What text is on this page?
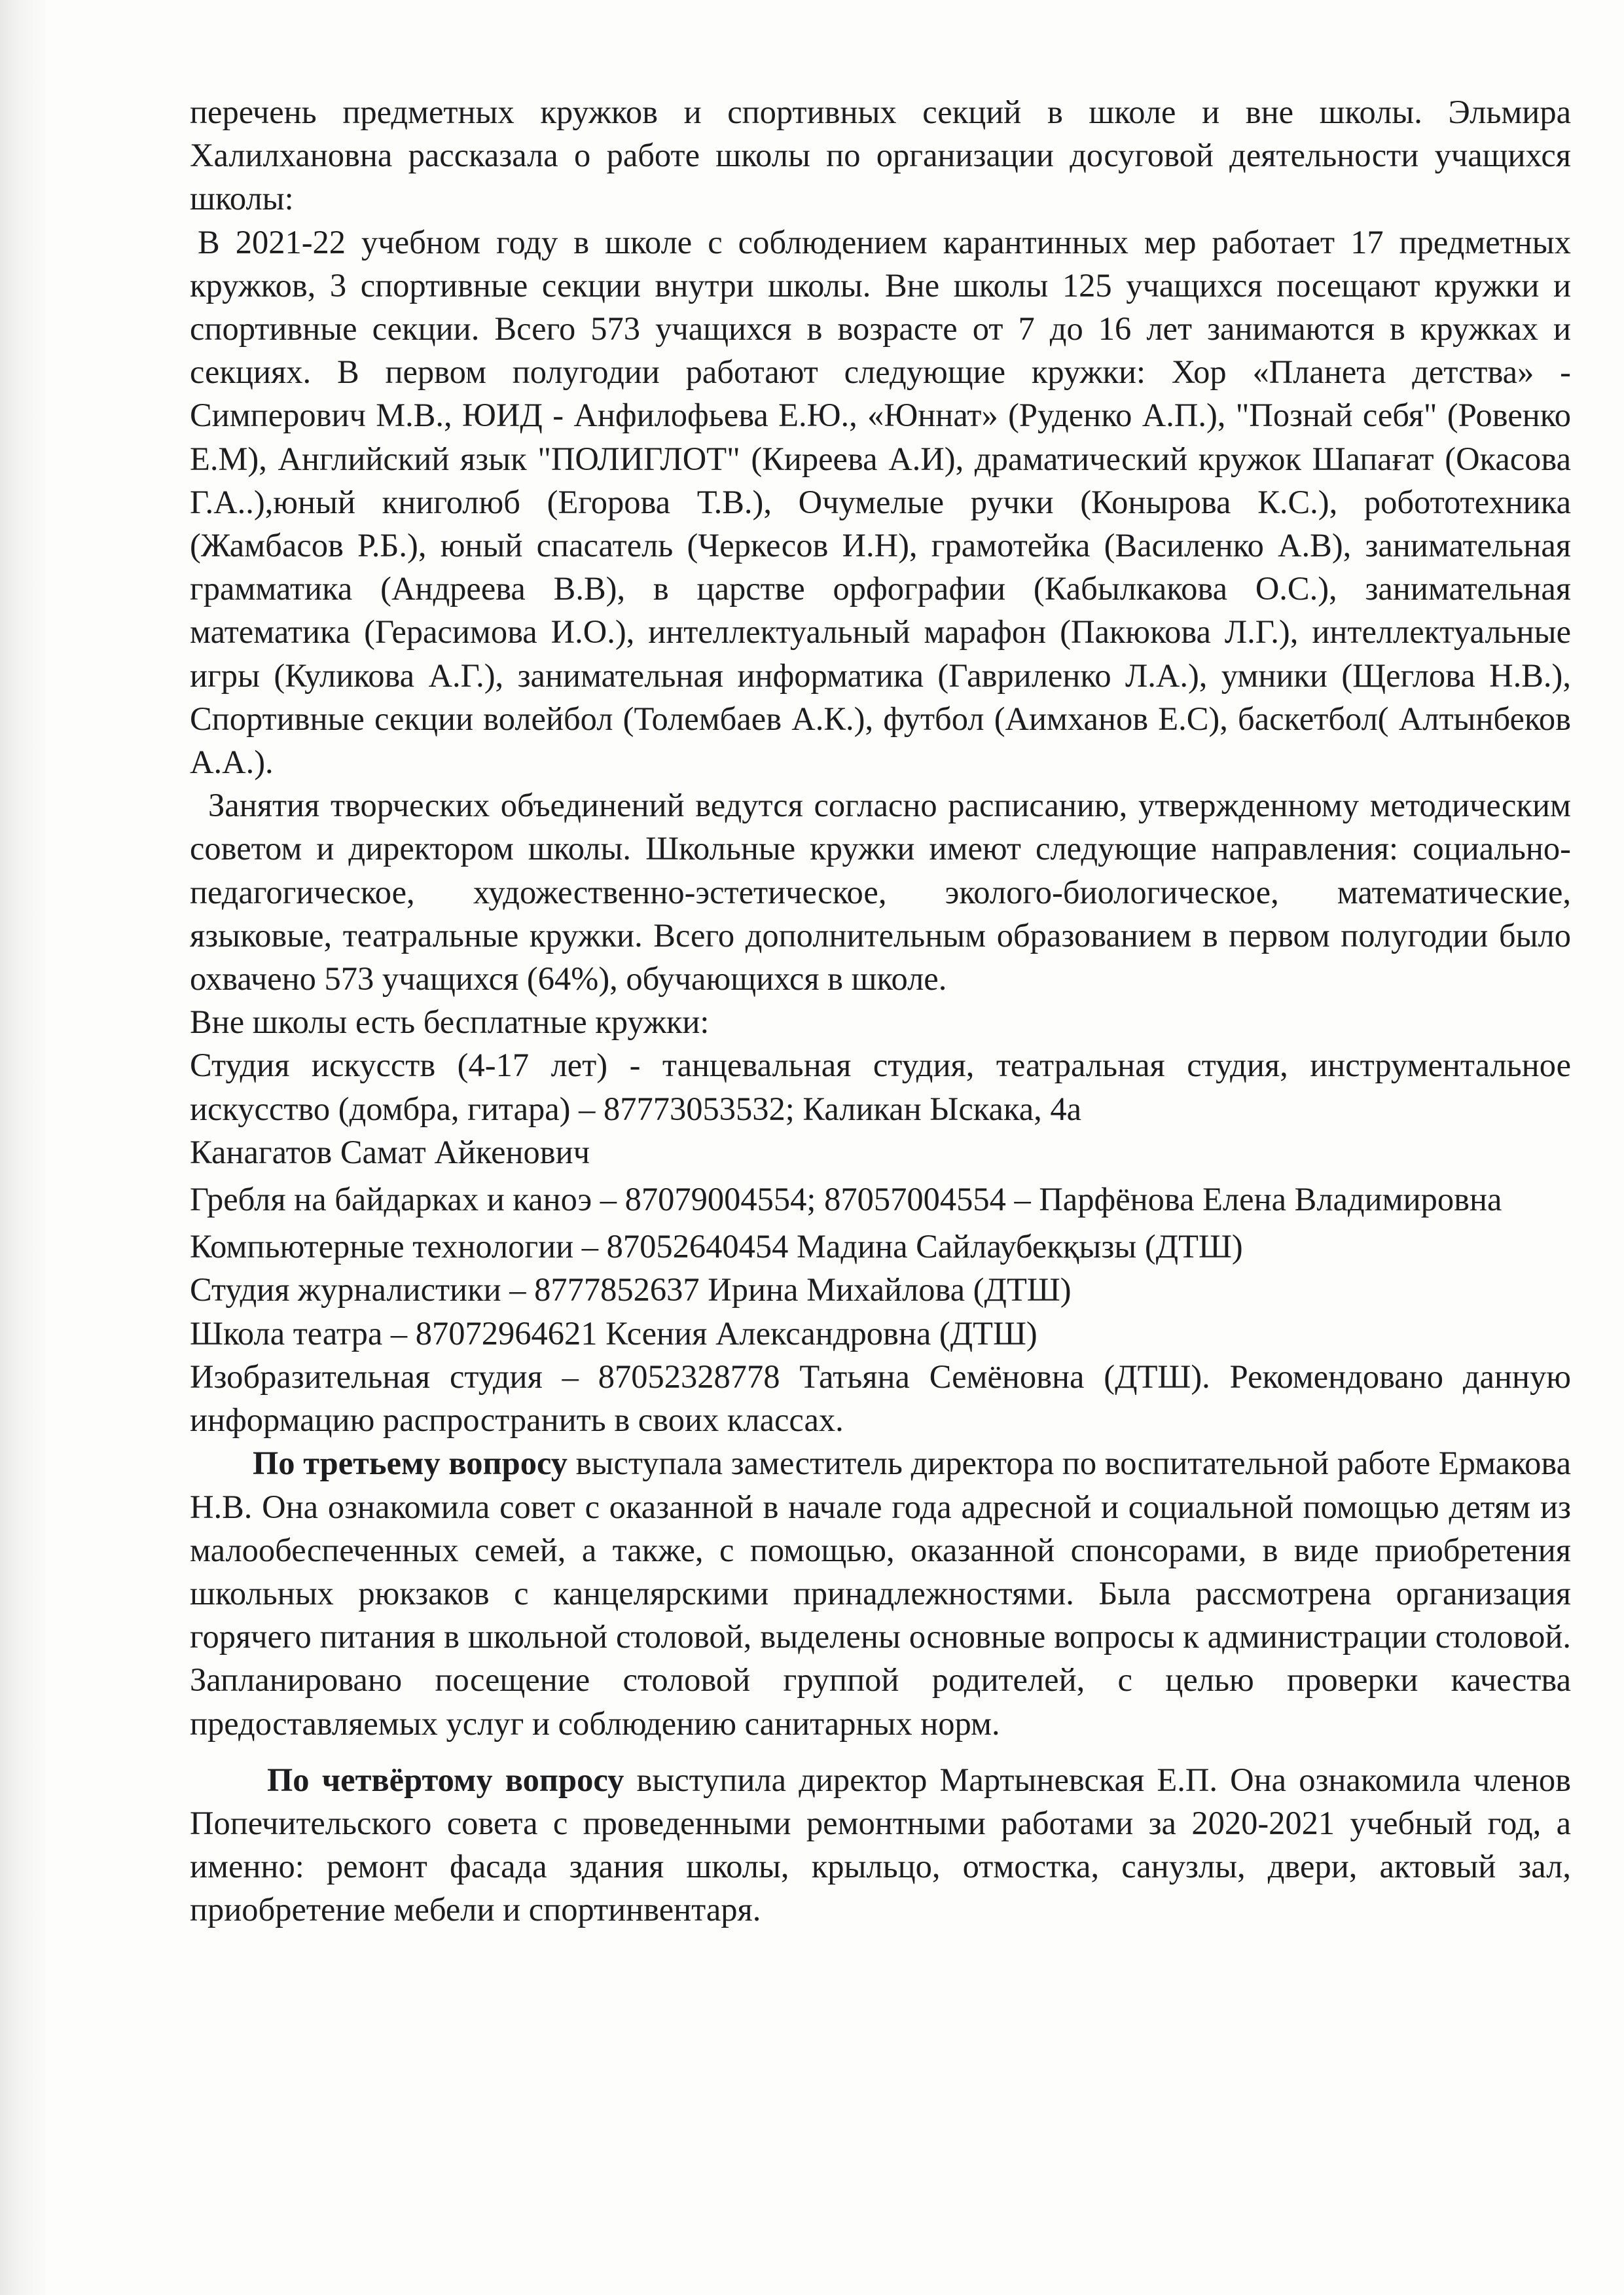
перечень предметных кружков и спортивных секций в школе и вне школы. Эльмира Халилхановна рассказала о работе школы по организации досуговой деятельности учащихся школы:

В 2021-22 учебном году в школе с соблюдением карантинных мер работает 17 предметных кружков, 3 спортивные секции внутри школы. Вне школы 125 учащихся посещают кружки и спортивные секции. Всего 573 учащихся в возрасте от 7 до 16 лет занимаются в кружках и секциях. В первом полугодии работают следующие кружки: Хор «Планета детства» - Симперович М.В., ЮИД - Анфилофьева Е.Ю., «Юннат» (Руденко А.П.), "Познай себя" (Ровенко Е.М), Английский язык "ПОЛИГЛОТ" (Киреева А.И), драматический кружок Шапағат (Окасова Г.А..),юный книголюб (Егорова Т.В.), Очумелые ручки (Конырова К.С.), робототехника (Жамбасов Р.Б.), юный спасатель (Черкесов И.Н), грамотейка (Василенко А.В), занимательная грамматика (Андреева В.В), в царстве орфографии (Кабылкакова О.С.), занимательная математика (Герасимова И.О.), интеллектуальный марафон (Пакюкова Л.Г.), интеллектуальные игры (Куликова А.Г.), занимательная информатика (Гавриленко Л.А.), умники (Щеглова Н.В.), Спортивные секции волейбол (Толембаев А.К.), футбол (Аимханов Е.С), баскетбол( Алтынбеков А.А.).

Занятия творческих объединений ведутся согласно расписанию, утвержденному методическим советом и директором школы. Школьные кружки имеют следующие направления: социально-педагогическое, художественно-эстетическое, эколого-биологическое, математические, языковые, театральные кружки. Всего дополнительным образованием в первом полугодии было охвачено 573 учащихся (64%), обучающихся в школе.

Вне школы есть бесплатные кружки:

Студия искусств (4-17 лет) - танцевальная студия, театральная студия, инструментальное искусство (домбра, гитара) – 87773053532; Каликан Ыскака, 4а

Канагатов Самат Айкенович

Гребля на байдарках и каноэ – 87079004554; 87057004554 – Парфёнова Елена Владимировна

Компьютерные технологии – 87052640454 Мадина Сайлаубекқызы (ДТШ)

Студия журналистики – 8777852637 Ирина Михайлова (ДТШ)

Школа театра – 87072964621 Ксения Александровна (ДТШ)

Изобразительная студия – 87052328778 Татьяна Семёновна (ДТШ). Рекомендовано данную информацию распространить в своих классах.

По третьему вопросу выступала заместитель директора по воспитательной работе Ермакова Н.В. Она ознакомила совет с оказанной в начале года адресной и социальной помощью детям из малообеспеченных семей, а также, с помощью, оказанной спонсорами, в виде приобретения школьных рюкзаков с канцелярскими принадлежностями. Была рассмотрена организация горячего питания в школьной столовой, выделены основные вопросы к администрации столовой. Запланировано посещение столовой группой родителей, с целью проверки качества предоставляемых услуг и соблюдению санитарных норм.

По четвёртому вопросу выступила директор Мартыневская Е.П. Она ознакомила членов Попечительского совета с проведенными ремонтными работами за 2020-2021 учебный год, а именно: ремонт фасада здания школы, крыльцо, отмостка, санузлы, двери, актовый зал, приобретение мебели и спортинвентаря.
